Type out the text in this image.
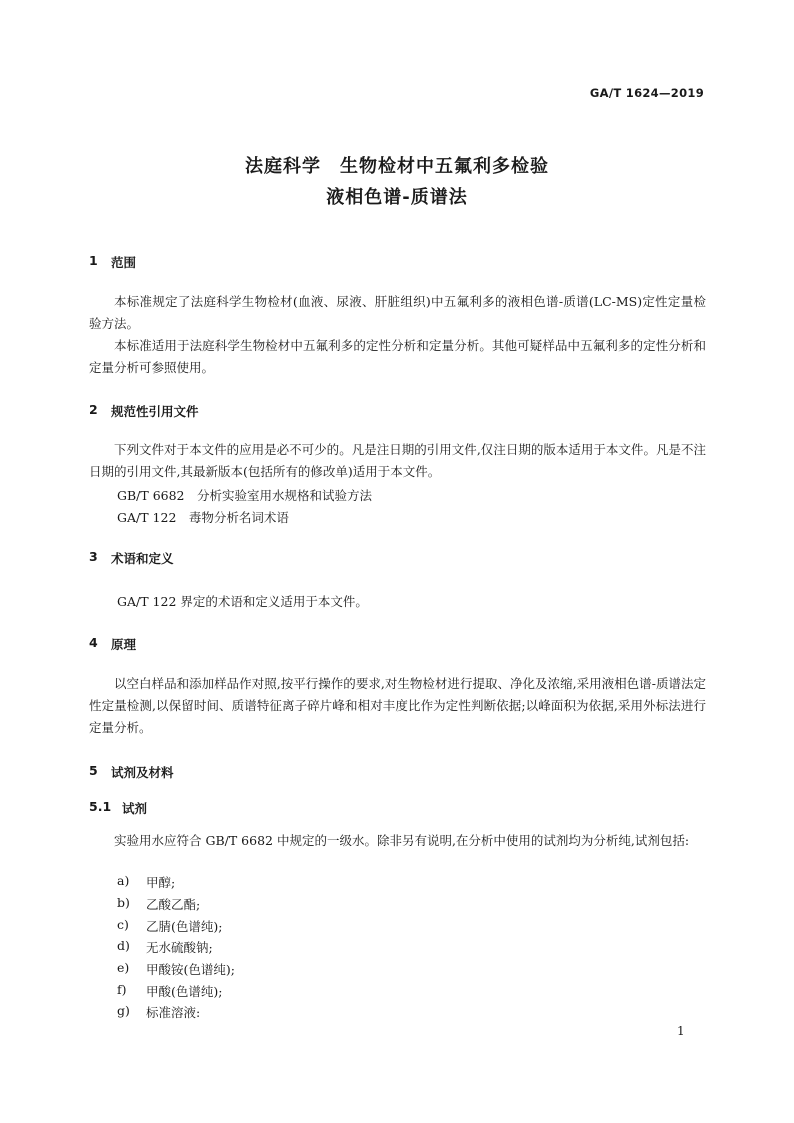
GA/T 1624—2019
法庭科学　生物检材中五氟利多检验
液相色谱-质谱法
1	范围

本标准规定了法庭科学生物检材(血液、尿液、肝脏组织)中五氟利多的液相色谱-质谱(LC-MS)定性定量检验方法。

本标准适用于法庭科学生物检材中五氟利多的定性分析和定量分析。其他可疑样品中五氟利多的定性分析和定量分析可参照使用。

2	规范性引用文件

下列文件对于本文件的应用是必不可少的。凡是注日期的引用文件,仅注日期的版本适用于本文件。凡是不注日期的引用文件,其最新版本(包括所有的修改单)适用于本文件。

GB/T 6682　分析实验室用水规格和试验方法
GA/T 122　毒物分析名词术语
3	术语和定义
GA/T 122 界定的术语和定义适用于本文件。
4	原理

以空白样品和添加样品作对照,按平行操作的要求,对生物检材进行提取、净化及浓缩,采用液相色谱-质谱法定性定量检测,以保留时间、质谱特征离子碎片峰和相对丰度比作为定性判断依据;以峰面积为依据,采用外标法进行定量分析。

5	试剂及材料
5.1 试剂

实验用水应符合 GB/T 6682 中规定的一级水。除非另有说明,在分析中使用的试剂均为分析纯,试剂包括:

a)	甲醇;
b)	乙酸乙酯;
c)	乙腈(色谱纯);
d)	无水硫酸钠;
e)	甲酸铵(色谱纯);
f)	甲酸(色谱纯);
g)	标准溶液:
1
